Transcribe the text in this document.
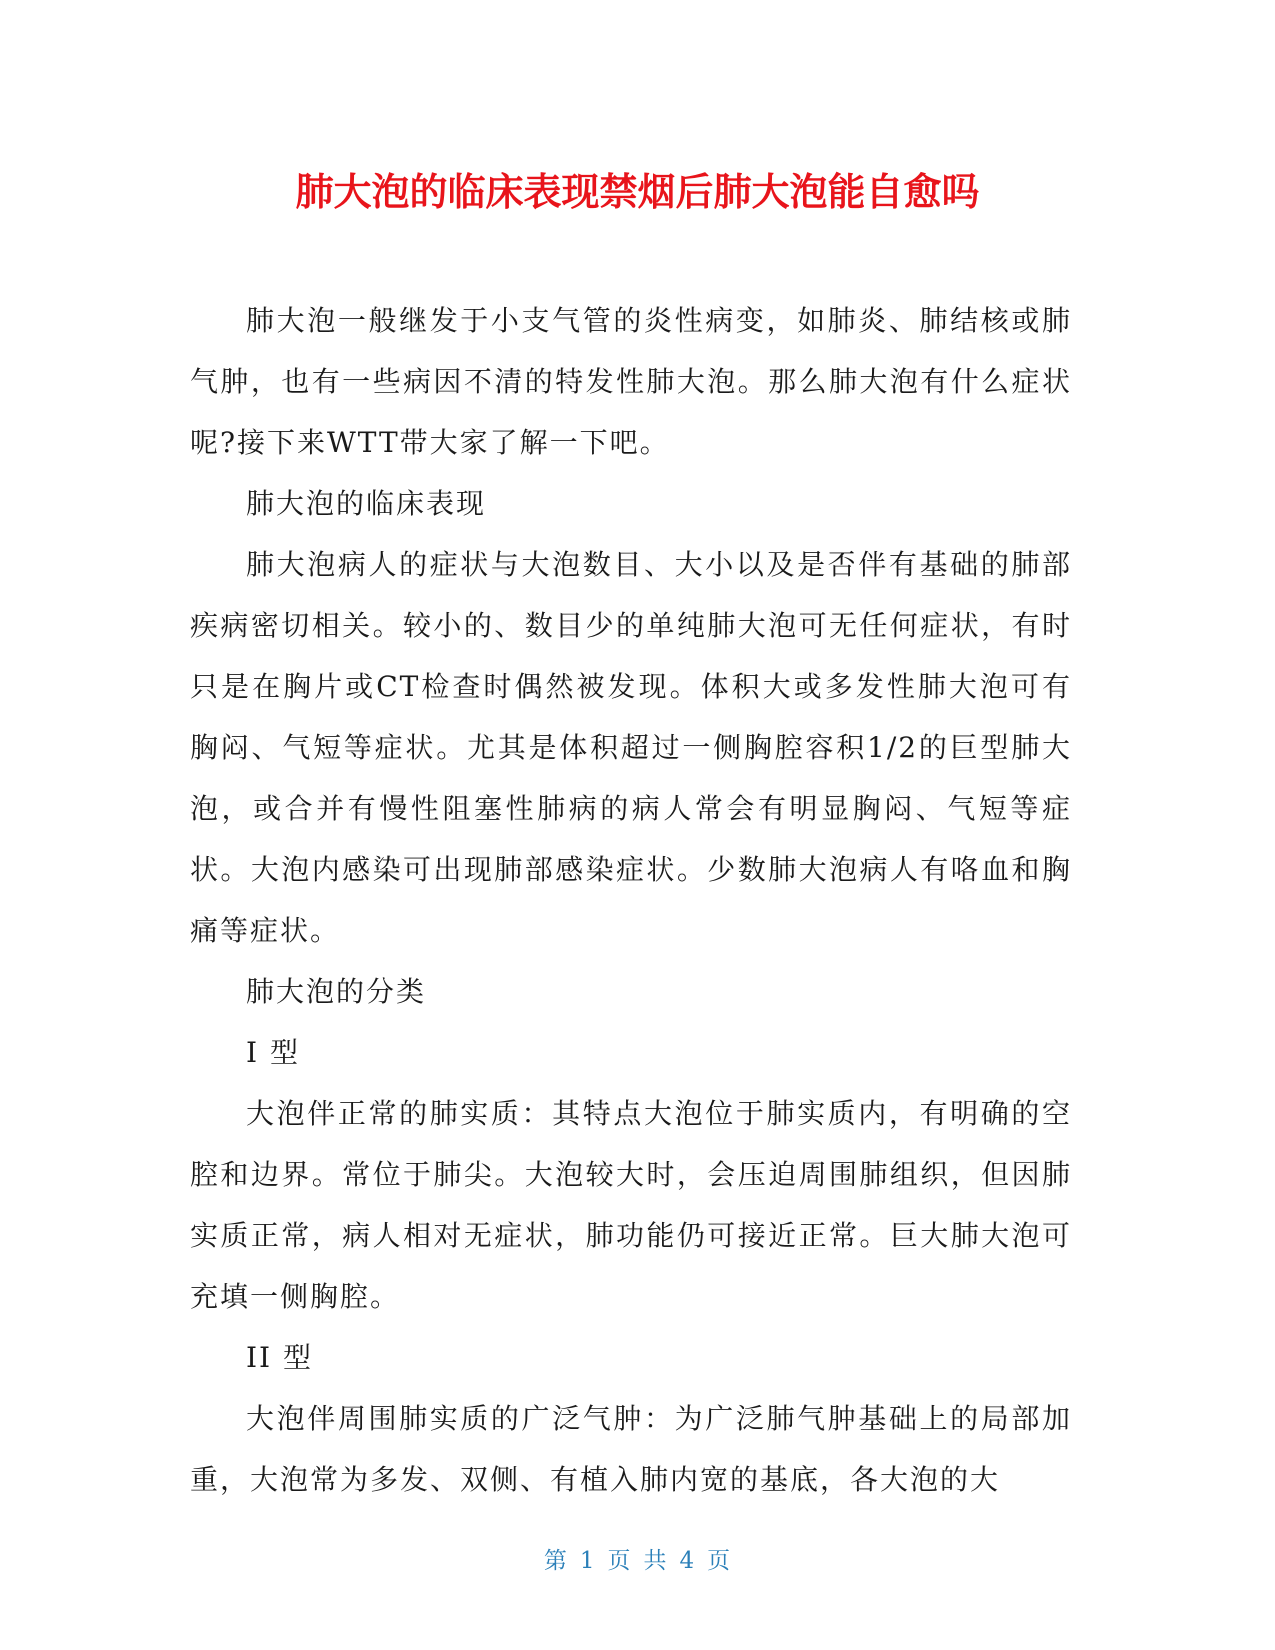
肺大泡的临床表现禁烟后肺大泡能自愈吗

肺大泡一般继发于小支气管的炎性病变，如肺炎、肺结核或肺气肿，也有一些病因不清的特发性肺大泡。那么肺大泡有什么症状呢?接下来WTT带大家了解一下吧。

肺大泡的临床表现

肺大泡病人的症状与大泡数目、大小以及是否伴有基础的肺部疾病密切相关。较小的、数目少的单纯肺大泡可无任何症状，有时只是在胸片或CT检查时偶然被发现。体积大或多发性肺大泡可有胸闷、气短等症状。尤其是体积超过一侧胸腔容积1/2的巨型肺大泡，或合并有慢性阻塞性肺病的病人常会有明显胸闷、气短等症状。大泡内感染可出现肺部感染症状。少数肺大泡病人有咯血和胸痛等症状。

肺大泡的分类

I 型

大泡伴正常的肺实质：其特点大泡位于肺实质内，有明确的空腔和边界。常位于肺尖。大泡较大时，会压迫周围肺组织，但因肺实质正常，病人相对无症状，肺功能仍可接近正常。巨大肺大泡可充填一侧胸腔。

II 型

大泡伴周围肺实质的广泛气肿：为广泛肺气肿基础上的局部加重，大泡常为多发、双侧、有植入肺内宽的基底，各大泡的大

第 1 页 共 4 页
